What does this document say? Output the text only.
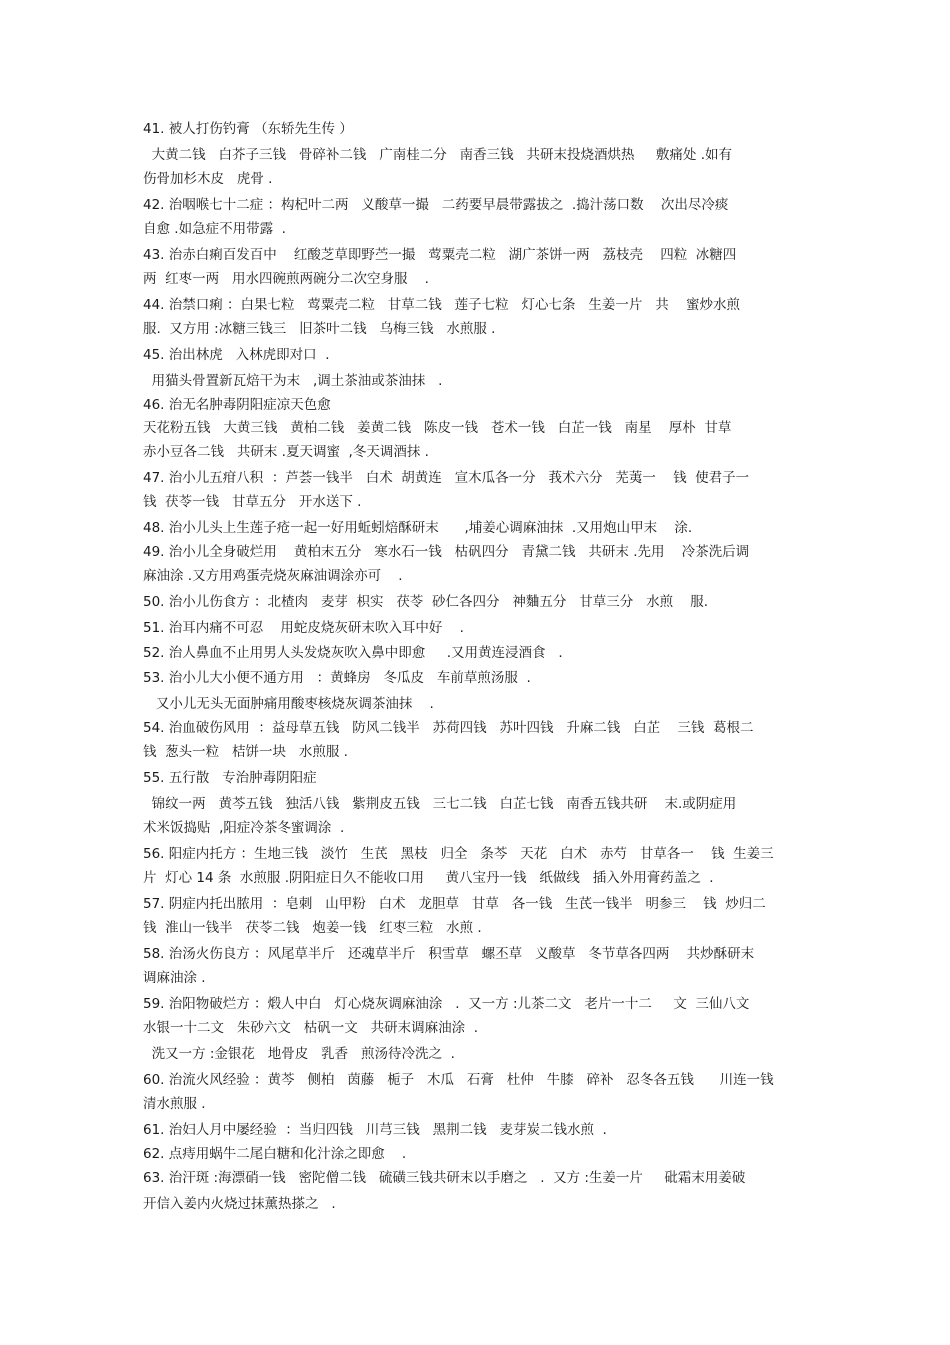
41. 被人打伤钓膏 （东轿先生传 ）
大黄二钱   白芥子三钱   骨碎补二钱   广南桂二分   南香三钱   共研末投烧酒烘热     敷痛处 .如有
伤骨加杉木皮   虎骨 .
42. 治咽喉七十二症 ：构杞叶二两   义酸草一撮   二药要早晨带露拔之  .捣汁荡口数    次出尽冷痰
自愈 .如急症不用带露  .
43. 治赤白痢百发百中    红酸芝草即野苎一撮   莺粟壳二粒   湖广茶饼一两   荔枝壳    四粒  冰糖四
两  红枣一两   用水四碗煎两碗分二次空身服    .
44. 治禁口痢 ：白果七粒   莺粟壳二粒   甘草二钱   莲子七粒   灯心七条   生姜一片   共    蜜炒水煎
服.  又方用 :冰糖三钱三   旧茶叶二钱   乌梅三钱   水煎服 .
45. 治出林虎   入林虎即对口  .
用猫头骨置新瓦焙干为末   ,调土茶油或茶油抹   .
46. 治无名肿毒阴阳症凉天色愈
天花粉五钱   大黄三钱   黄柏二钱   姜黄二钱   陈皮一钱   苍术一钱   白芷一钱   南星    厚朴  甘草
赤小豆各二钱   共研末 .夏天调蜜  ,冬天调酒抹 .
47. 治小儿五疳八积  ：芦荟一钱半   白术  胡黄连   宣木瓜各一分   莪术六分   芜荑一    钱  使君子一
钱  茯苓一钱   甘草五分   开水送下 .
48. 治小儿头上生莲子疮一起一好用蚯蚓焙酥研末      ,埔姜心调麻油抹  .又用炮山甲末    涂.
49. 治小儿全身破烂用    黄柏末五分   寒水石一钱   枯矾四分   青黛二钱   共研末 .先用    冷茶洗后调
麻油涂 .又方用鸡蛋壳烧灰麻油调涂亦可    .
50. 治小儿伤食方 ：北楂肉   麦芽  枳实   茯苓  砂仁各四分   神麯五分   甘草三分   水煎    服.
51. 治耳内痛不可忍    用蛇皮烧灰研末吹入耳中好    .
52. 治人鼻血不止用男人头发烧灰吹入鼻中即愈     .又用黄连浸酒食   .
53. 治小儿大小便不通方用   ：黄蜂房   冬瓜皮   车前草煎汤服  .
又小儿无头无面肿痛用酸枣核烧灰调茶油抹    .
54. 治血破伤风用  ：益母草五钱   防风二钱半   苏荷四钱   苏叶四钱   升麻二钱   白芷    三钱  葛根二
钱  葱头一粒   桔饼一块   水煎服 .
55. 五行散   专治肿毒阴阳症
锦纹一两   黄芩五钱   独活八钱   紫荆皮五钱   三七二钱   白芷七钱   南香五钱共研    末.或阴症用
术米饭捣贴  ,阳症冷茶冬蜜调涂  .
56. 阳症内托方 ：生地三钱   淡竹   生芪   黑枝   归全   条芩   天花   白术   赤芍   甘草各一    钱  生姜三
片  灯心 14 条  水煎服 .阴阳症日久不能收口用     黄八宝丹一钱   纸做线   插入外用膏药盖之  .
57. 阴症内托出脓用  ：皂刺   山甲粉   白术   龙胆草   甘草   各一钱   生芪一钱半   明参三    钱  炒归二
钱  淮山一钱半   茯苓二钱   炮姜一钱   红枣三粒   水煎 .
58. 治汤火伤良方 ：风尾草半斤   还魂草半斤   积雪草   螺丕草   义酸草   冬节草各四两    共炒酥研末
调麻油涂 .
59. 治阳物破烂方 ：煅人中白   灯心烧灰调麻油涂   .  又一方 :儿茶二文   老片一十二     文  三仙八文
水银一十二文   朱砂六文   枯矾一文   共研末调麻油涂  .
洗又一方 :金银花   地骨皮   乳香   煎汤待冷洗之  .
60. 治流火风经验 ：黄芩   侧柏   茵藤   栀子   木瓜   石膏   杜仲   牛膝   碎补   忍冬各五钱      川连一钱
清水煎服 .
61. 治妇人月中屡经验  ：当归四钱   川芎三钱   黑荆二钱   麦芽炭二钱水煎  .
62. 点痔用蜗牛二尾白糖和化汁涂之即愈    .
63. 治汗斑 :海漂硝一钱   密陀僧二钱   硫磺三钱共研末以手磨之   .  又方 :生姜一片     砒霜末用姜破
开信入姜内火烧过抹薰热搽之   .
